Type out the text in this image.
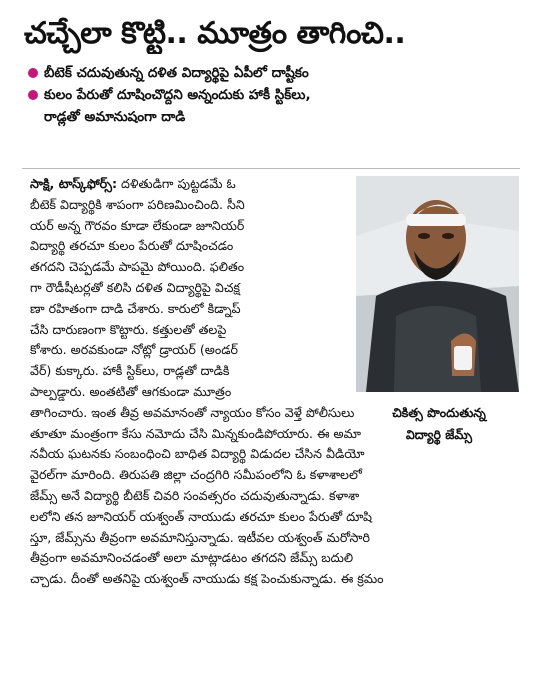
చచ్చేలా కొట్టి.. మూత్రం తాగించి..
బీటెక్ చదువుతున్న దళిత విద్యార్థిపై ఏపీలో దాష్టీకం
కులం పేరుతో దూషించొద్దని అన్నందుకు హాకీ స్టిక్‌లు,
రాడ్లతో అమానుషంగా దాడి
సాక్షి, టాస్క్‌ఫోర్స్: దళితుడిగా పుట్టడమే ఓ
బీటెక్ విద్యార్థికి శాపంగా పరిణమించింది. సీని
యర్ అన్న గౌరవం కూడా లేకుండా జూనియర్
విద్యార్థి తరచూ కులం పేరుతో దూషించడం
తగదని చెప్పడమే పాపమై పోయింది. ఫలితం
గా రౌడీషీటర్లతో కలిసి దళిత విద్యార్థిపై విచక్ష
ణా రహితంగా దాడి చేశారు. కారులో కిడ్నాప్
చేసి దారుణంగా కొట్టారు. కత్తులతో తలపై
కోశారు. అరవకుండా నోట్లో డ్రాయర్ (అండర్
వేర్) కుక్కారు. హాకీ స్టిక్‌లు, రాడ్లతో దాడికి
పాల్పడ్డారు. అంతటితో ఆగకుండా మూత్రం
తాగించారు. ఇంత తీవ్ర అవమానంతో న్యాయం కోసం వెళ్తే పోలీసులు
తూతూ మంత్రంగా కేసు నమోదు చేసి మిన్నకుండిపోయారు. ఈ అమా
నవీయ ఘటనకు సంబంధించి బాధిత విద్యార్థి విడుదల చేసిన వీడియో
వైరల్‌గా మారింది. తిరుపతి జిల్లా చంద్రగిరి సమీపంలోని ఓ కళాశాలలో
జేమ్స్ అనే విద్యార్థి బీటెక్ చివరి సంవత్సరం చదువుతున్నాడు. కళాశా
లలోని తన జూనియర్ యశ్వంత్ నాయుడు తరచూ కులం పేరుతో దూషి
స్తూ, జేమ్స్‌ను తీవ్రంగా అవమానిస్తున్నాడు. ఇటీవల యశ్వంత్ మరోసారి
తీవ్రంగా అవమానించడంతో అలా మాట్లాడటం తగదని జేమ్స్ బదులి
చ్చాడు. దీంతో అతనిపై యశ్వంత్ నాయుడు కక్ష పెంచుకున్నాడు. ఈ క్రమం
చికిత్స పొందుతున్న
విద్యార్థి జేమ్స్
